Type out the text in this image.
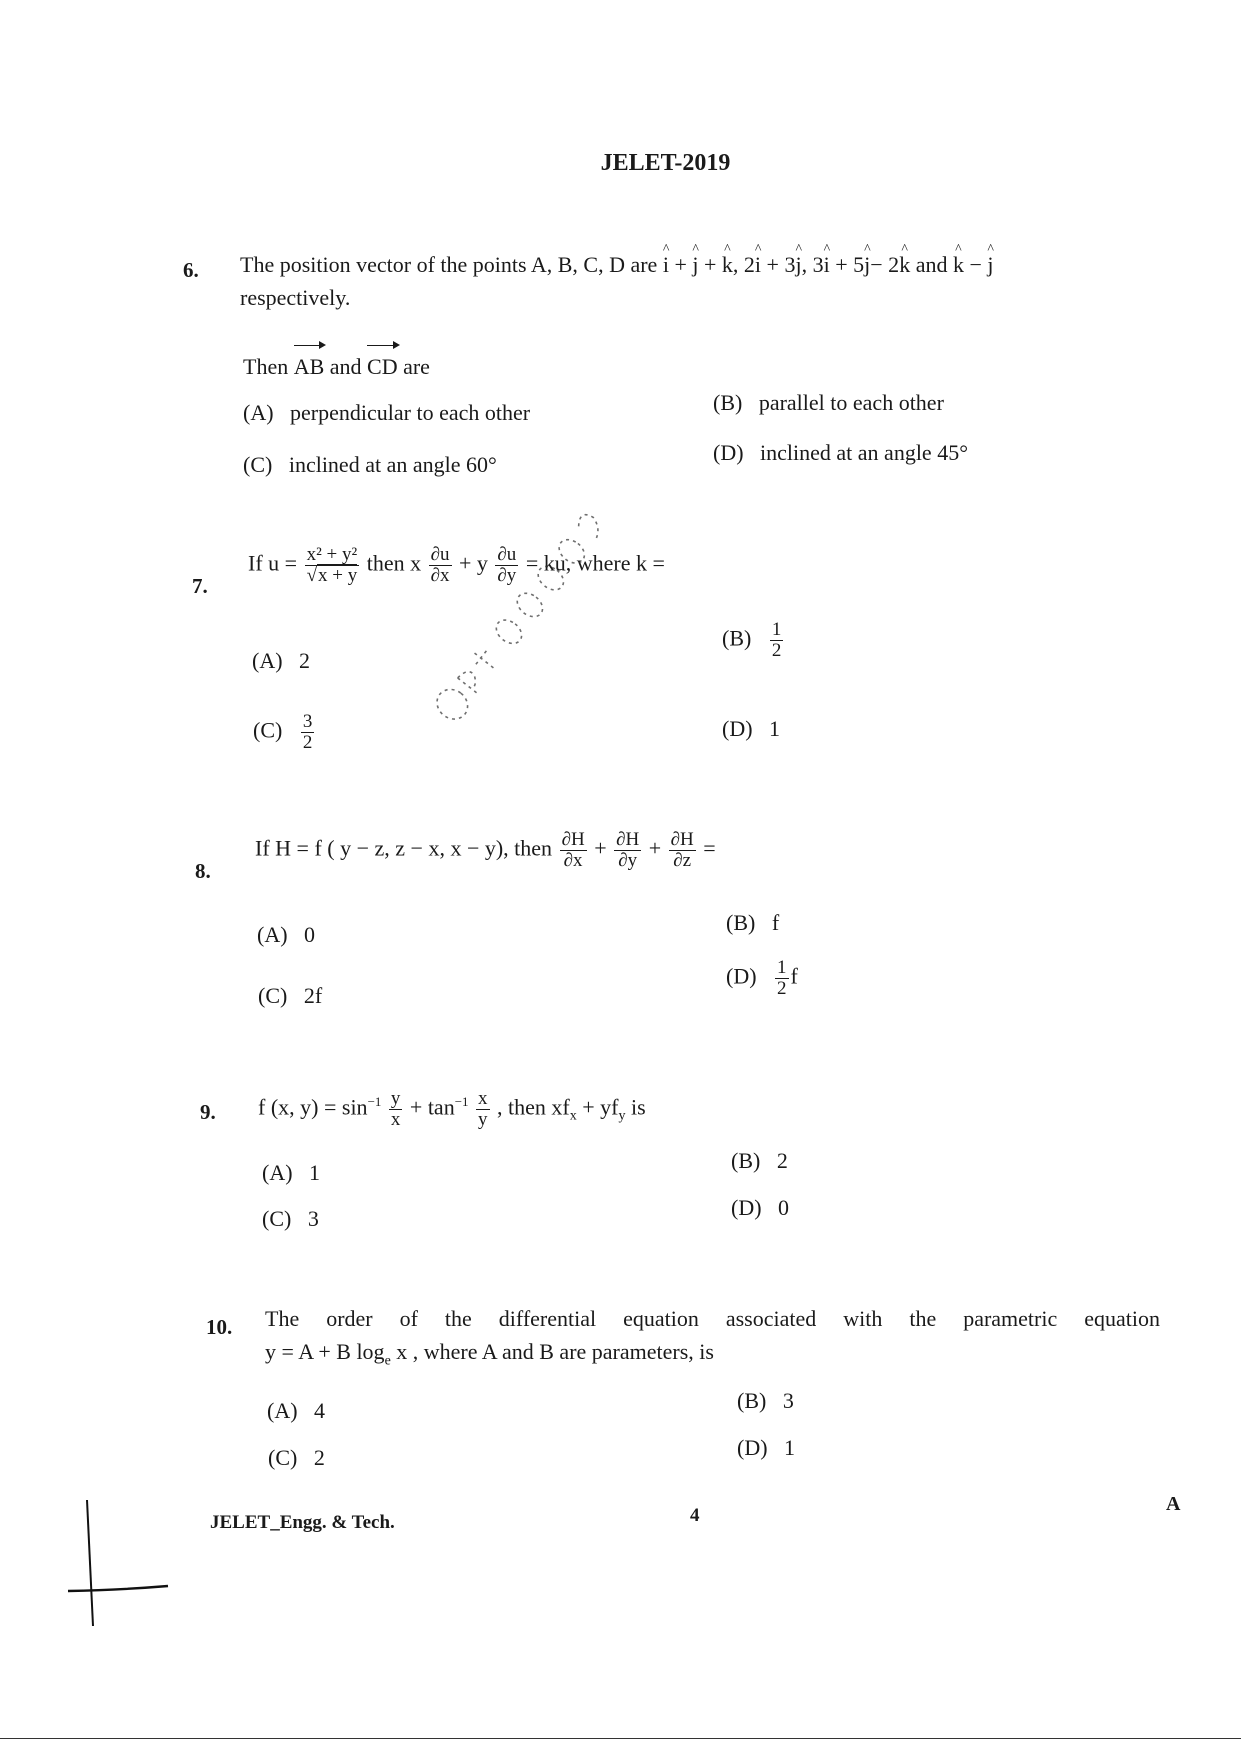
JELET-2019
6. The position vector of the points A, B, C, D are ^ i + ^ j + ^ k, 2^ i + 3^ j, 3^ i + 5^ j− 2^ k and ^ k − ^ j
respectively.
Then AB and CD are
(A) perpendicular to each other	(B) parallel to each other
(C) inclined at an angle 60°	(D) inclined at an angle 45°
7.
If $u = \frac{\text{x² + y²}}{√x + y}$ then x $\frac{\partial u}{\partial x} + y \frac{\partial u}{\partial y}$ = ku, where k =
(A) 2
$(B) \frac{1}{2}$
$(C) \frac{3}{2}$	(D) 1
8.
If H = f ( y − z, z − x, x − y), then $\frac{\partial H}{\partial x} + \frac{\partial H}{\partial y} + \frac{\partial H}{\partial z}$ =
(A) 0	(B) f
(C) 2f
$(D) \frac{1}{2}$ f
9. f (x, $y) = \sin^{-1} \frac{y}{x} + \tan^{-1} \frac{x}{y}$ , then $xf_x + yf_y$ is
(A) 1	(B) 2
(C) 3	(D) 0
10. The order of the differential equation associated with the parametric equation
y = A + B $\log_e x$ , where A and B are parameters, is
(A) 4	(B) 3
(C) 2	(D) 1
JELET_Engg. & Tech.	4
A
